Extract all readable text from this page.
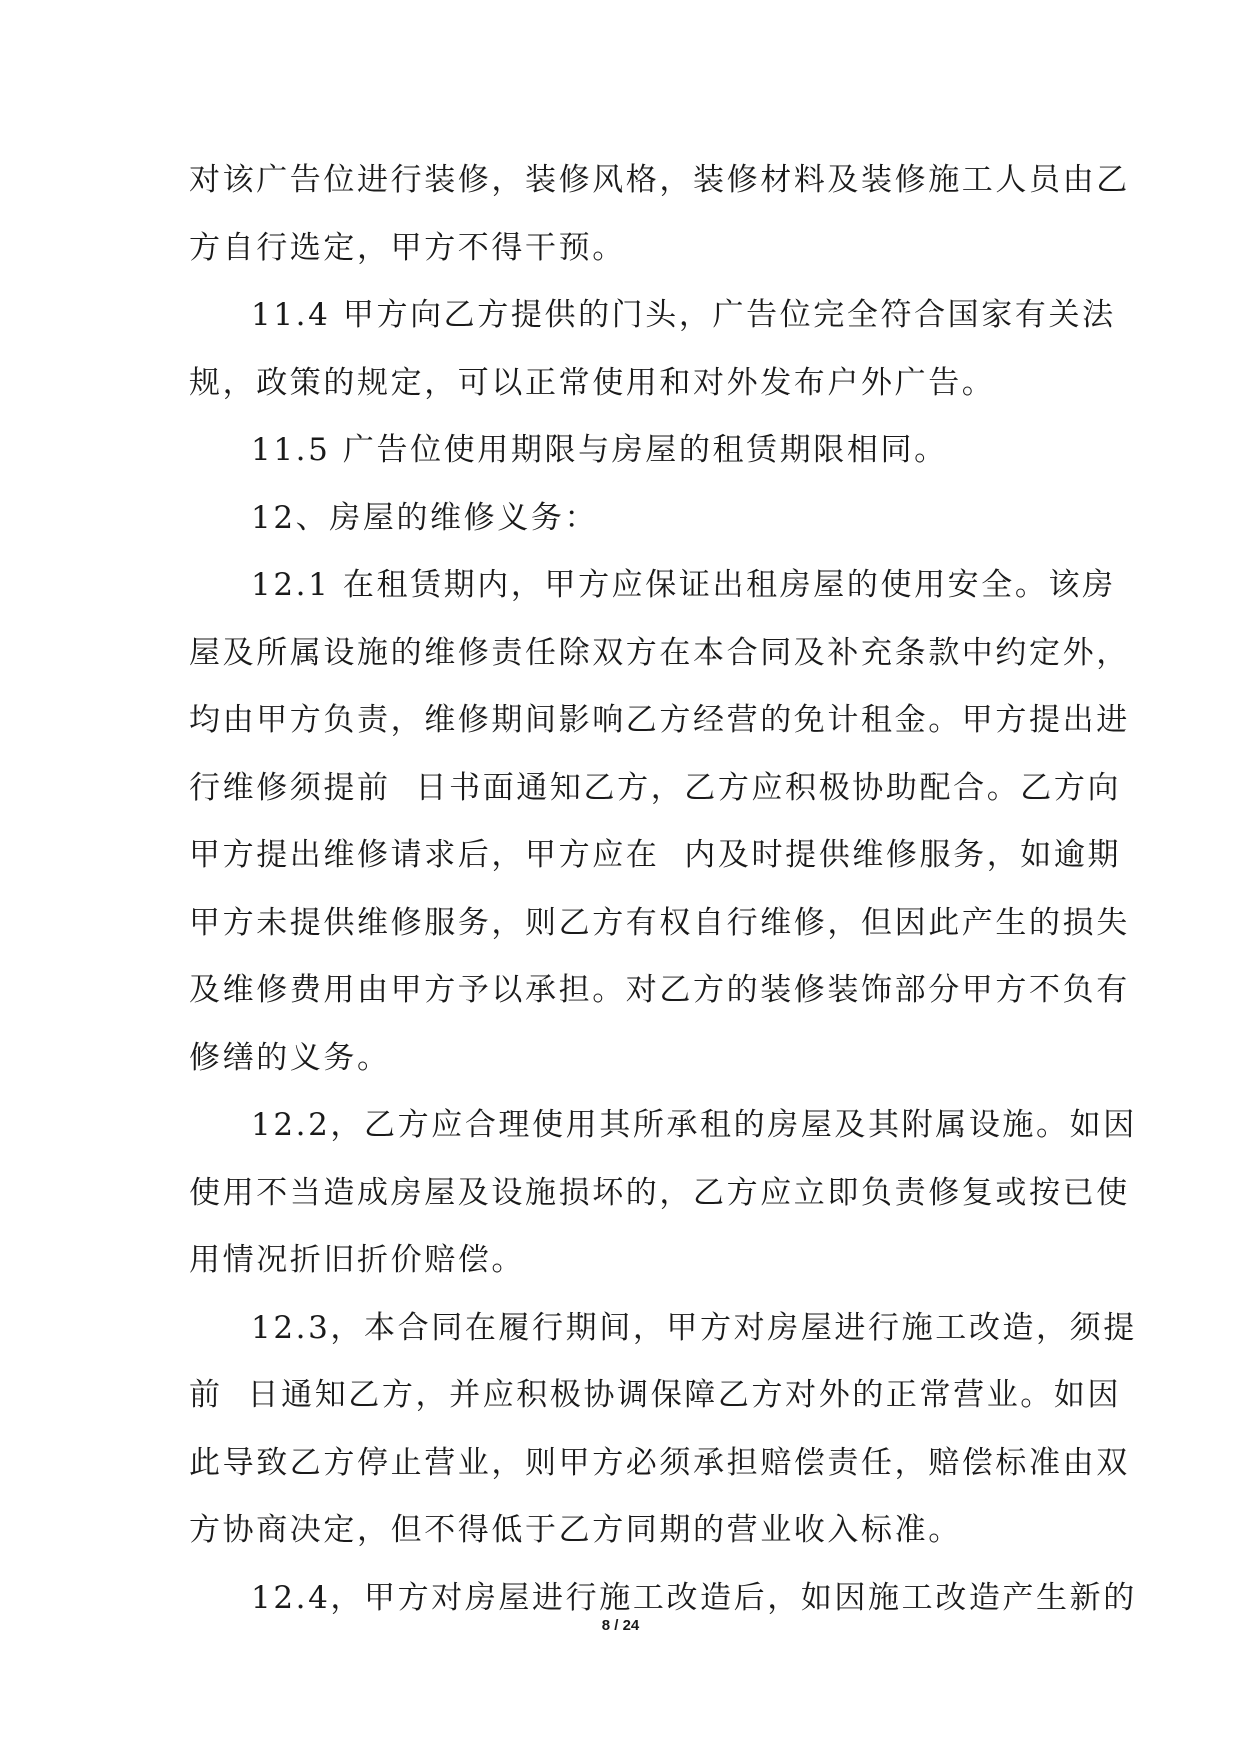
对该广告位进行装修，装修风格，装修材料及装修施工人员由乙
方自行选定，甲方不得干预。
11.4 甲方向乙方提供的门头，广告位完全符合国家有关法
规，政策的规定，可以正常使用和对外发布户外广告。
11.5 广告位使用期限与房屋的租赁期限相同。
12、房屋的维修义务：
12.1 在租赁期内，甲方应保证出租房屋的使用安全。该房
屋及所属设施的维修责任除双方在本合同及补充条款中约定外，
均由甲方负责，维修期间影响乙方经营的免计租金。甲方提出进
行维修须提前  日书面通知乙方，乙方应积极协助配合。乙方向
甲方提出维修请求后，甲方应在  内及时提供维修服务，如逾期
甲方未提供维修服务，则乙方有权自行维修，但因此产生的损失
及维修费用由甲方予以承担。对乙方的装修装饰部分甲方不负有
修缮的义务。
12.2，乙方应合理使用其所承租的房屋及其附属设施。如因
使用不当造成房屋及设施损坏的，乙方应立即负责修复或按已使
用情况折旧折价赔偿。
12.3，本合同在履行期间，甲方对房屋进行施工改造，须提
前  日通知乙方，并应积极协调保障乙方对外的正常营业。如因
此导致乙方停止营业，则甲方必须承担赔偿责任，赔偿标准由双
方协商决定，但不得低于乙方同期的营业收入标准。
12.4，甲方对房屋进行施工改造后，如因施工改造产生新的
8 / 24
